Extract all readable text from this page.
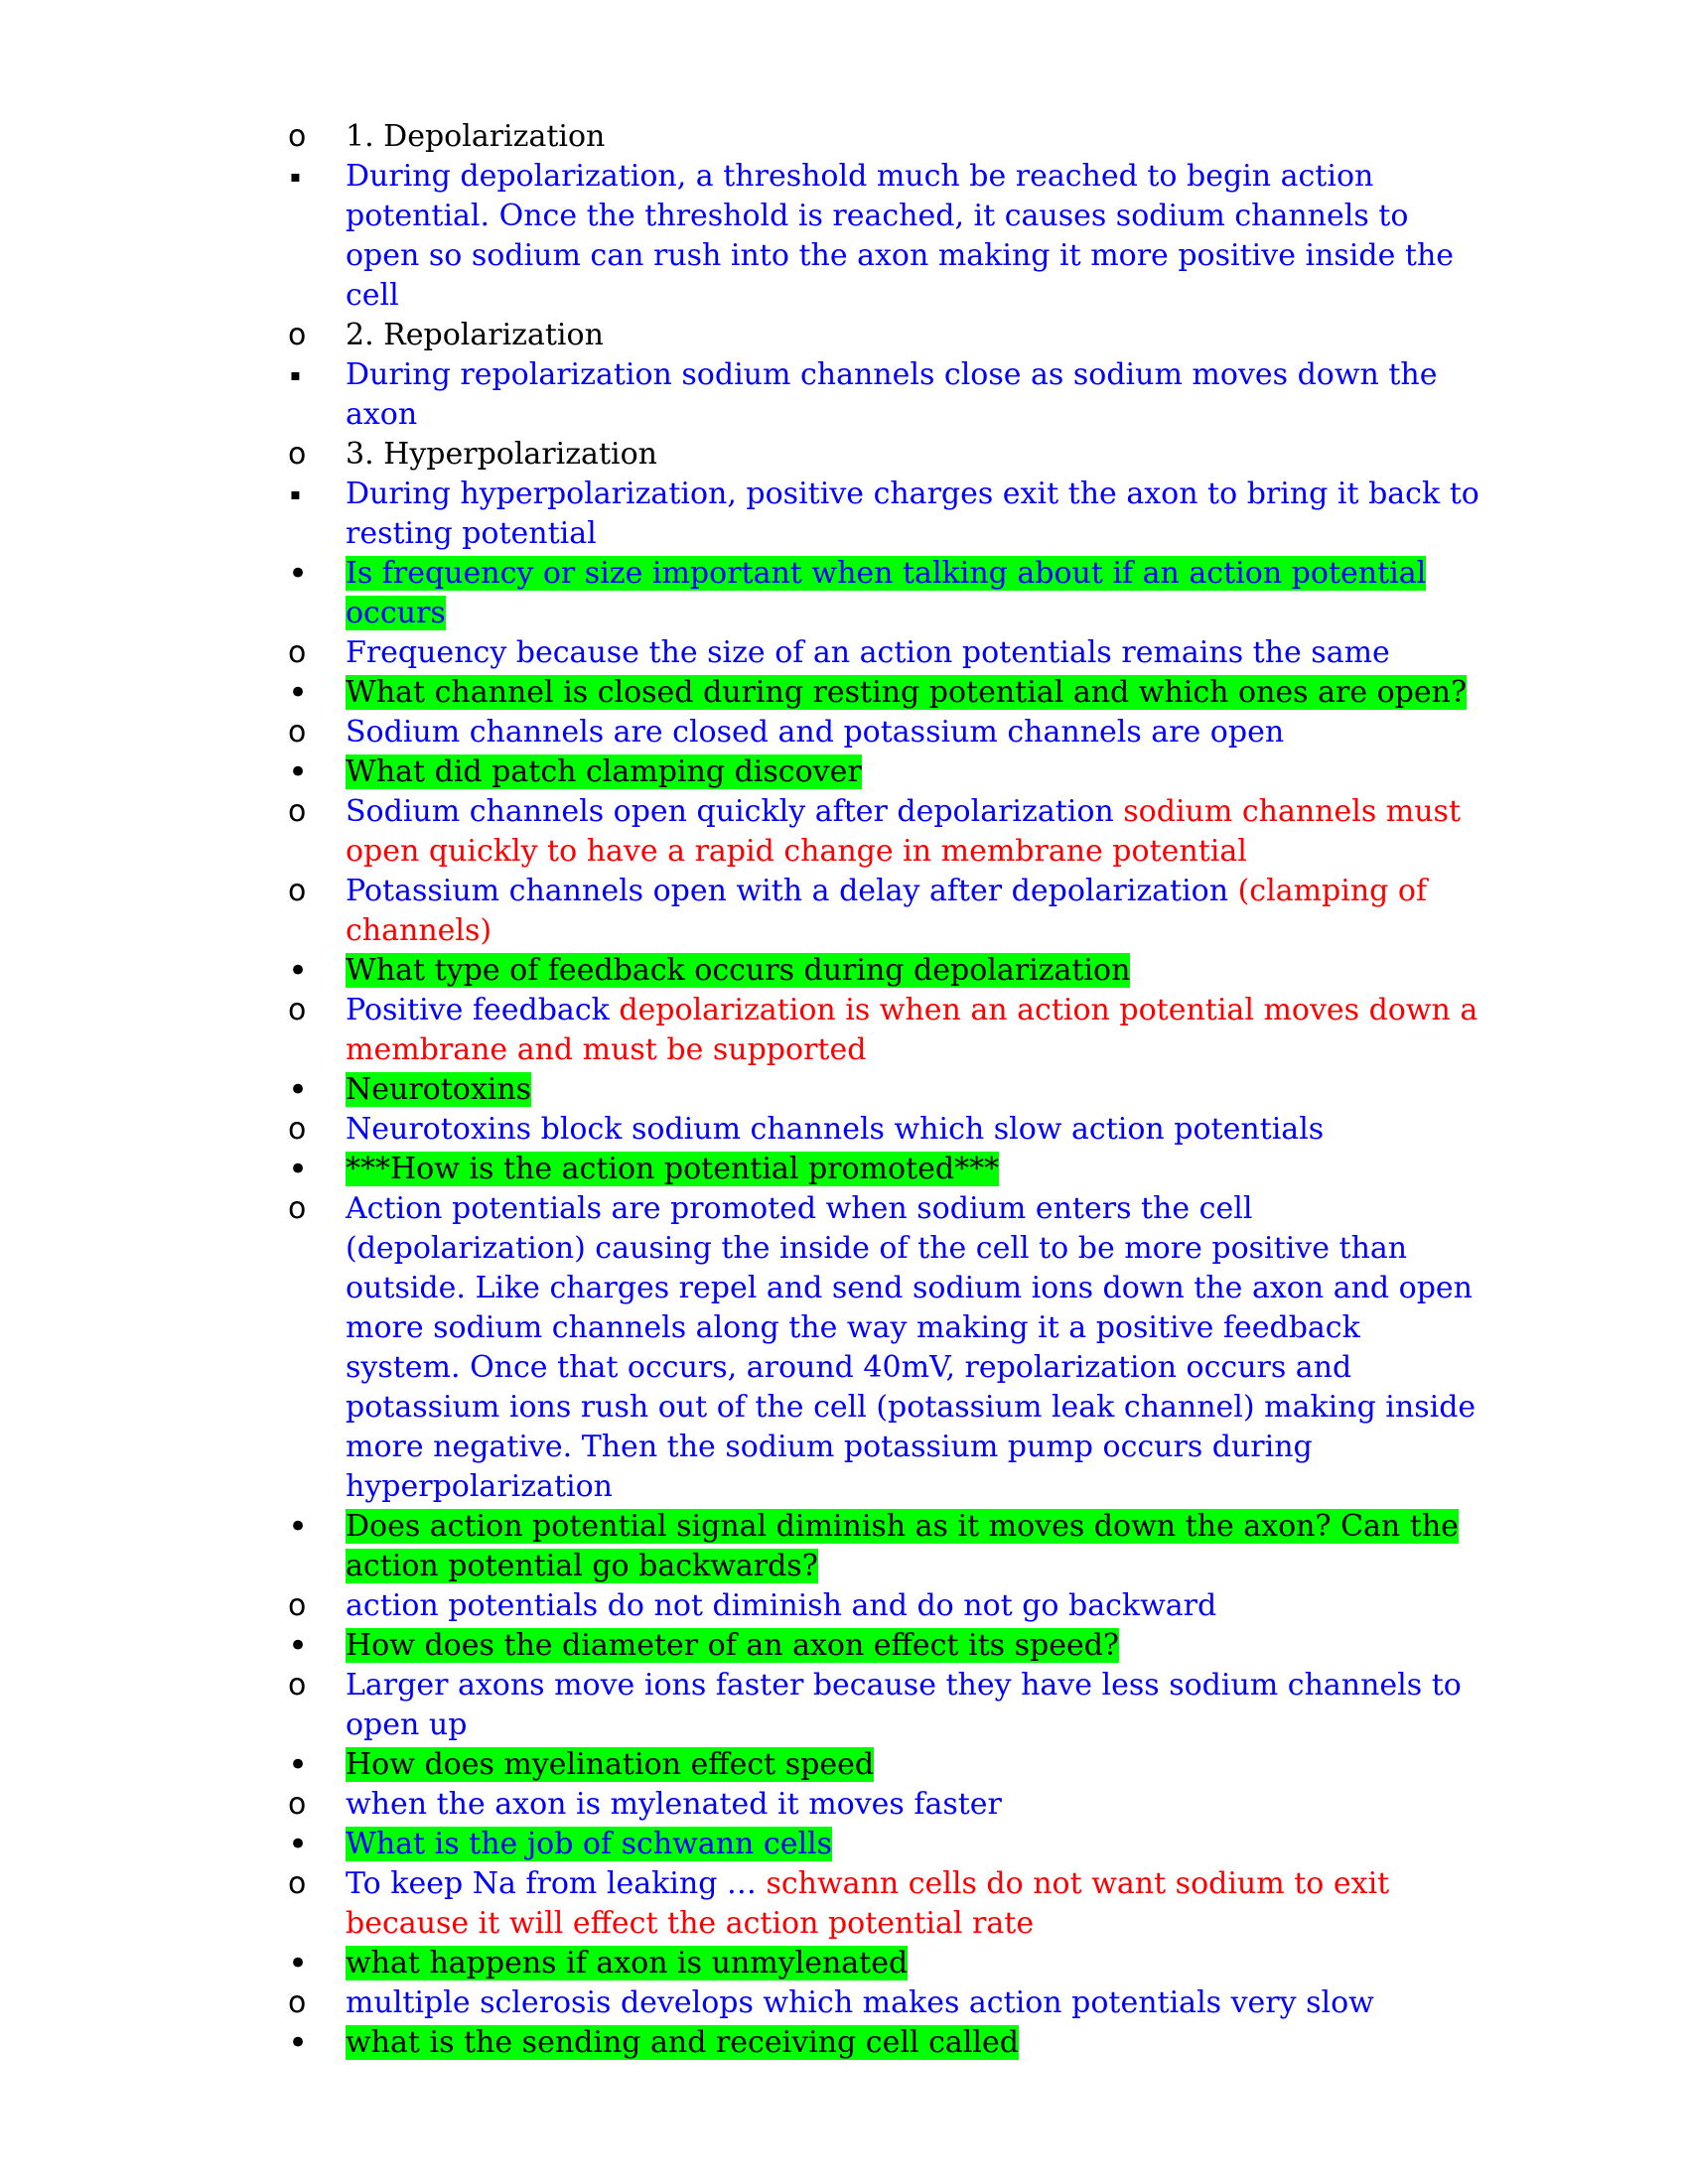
o	1. Depolarization
▪	During depolarization, a threshold much be reached to begin action potential. Once the threshold is reached, it causes sodium channels to open so sodium can rush into the axon making it more positive inside the cell
o	2. Repolarization
▪	During repolarization sodium channels close as sodium moves down the axon
o	3. Hyperpolarization
▪	During hyperpolarization, positive charges exit the axon to bring it back to resting potential
•	Is frequency or size important when talking about if an action potential occurs
o	Frequency because the size of an action potentials remains the same
•	What channel is closed during resting potential and which ones are open?
o	Sodium channels are closed and potassium channels are open
•	What did patch clamping discover
o	Sodium channels open quickly after depolarization sodium channels must open quickly to have a rapid change in membrane potential
o	Potassium channels open with a delay after depolarization (clamping of channels)
•	What type of feedback occurs during depolarization
o	Positive feedback depolarization is when an action potential moves down a membrane and must be supported
•	Neurotoxins
o	Neurotoxins block sodium channels which slow action potentials
•	***How is the action potential promoted***
o	Action potentials are promoted when sodium enters the cell (depolarization) causing the inside of the cell to be more positive than outside. Like charges repel and send sodium ions down the axon and open more sodium channels along the way making it a positive feedback system. Once that occurs, around 40mV, repolarization occurs and potassium ions rush out of the cell (potassium leak channel) making inside more negative. Then the sodium potassium pump occurs during hyperpolarization
•	Does action potential signal diminish as it moves down the axon? Can the action potential go backwards?
o	action potentials do not diminish and do not go backward
•	How does the diameter of an axon effect its speed?
o	Larger axons move ions faster because they have less sodium channels to open up
•	How does myelination effect speed
o	when the axon is mylenated it moves faster
•	What is the job of schwann cells
o	To keep Na from leaking … schwann cells do not want sodium to exit because it will effect the action potential rate
•	what happens if axon is unmylenated
o	multiple sclerosis develops which makes action potentials very slow
•	what is the sending and receiving cell called
